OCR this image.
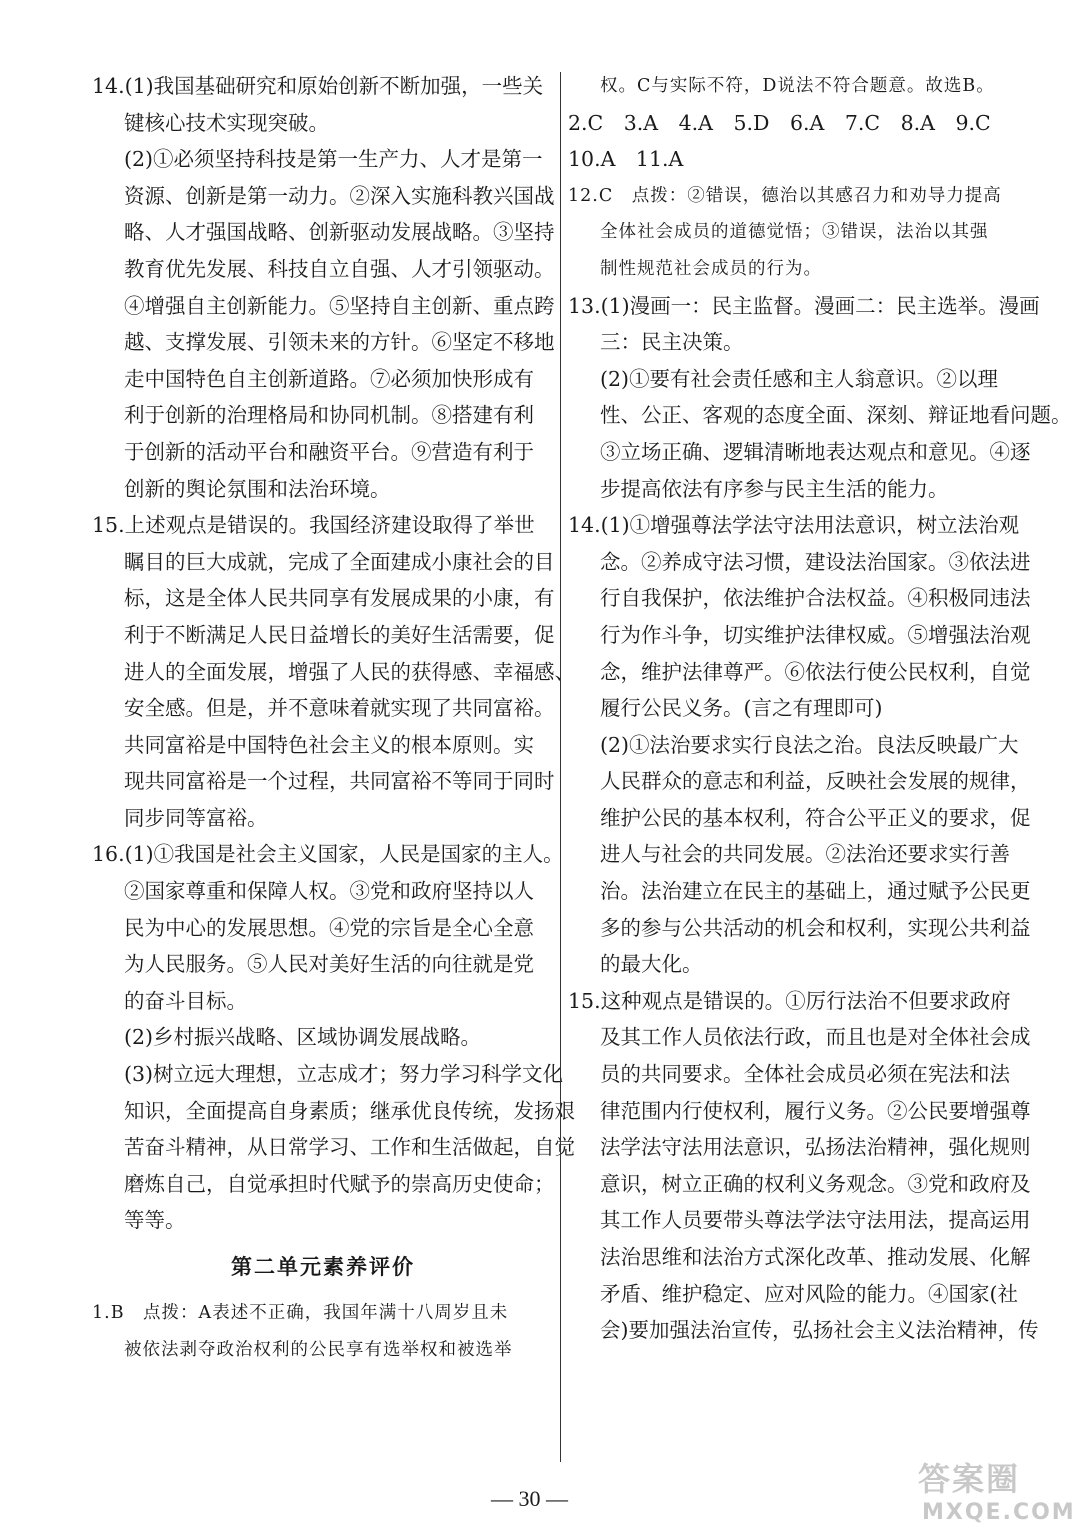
14.(1)我国基础研究和原始创新不断加强，一些关
键核心技术实现突破。
(2)①必须坚持科技是第一生产力、人才是第一
资源、创新是第一动力。②深入实施科教兴国战
略、人才强国战略、创新驱动发展战略。③坚持
教育优先发展、科技自立自强、人才引领驱动。
④增强自主创新能力。⑤坚持自主创新、重点跨
越、支撑发展、引领未来的方针。⑥坚定不移地
走中国特色自主创新道路。⑦必须加快形成有
利于创新的治理格局和协同机制。⑧搭建有利
于创新的活动平台和融资平台。⑨营造有利于
创新的舆论氛围和法治环境。
15.上述观点是错误的。我国经济建设取得了举世
瞩目的巨大成就，完成了全面建成小康社会的目
标，这是全体人民共同享有发展成果的小康，有
利于不断满足人民日益增长的美好生活需要，促
进人的全面发展，增强了人民的获得感、幸福感、
安全感。但是，并不意味着就实现了共同富裕。
共同富裕是中国特色社会主义的根本原则。实
现共同富裕是一个过程，共同富裕不等同于同时
同步同等富裕。
16.(1)①我国是社会主义国家，人民是国家的主人。
②国家尊重和保障人权。③党和政府坚持以人
民为中心的发展思想。④党的宗旨是全心全意
为人民服务。⑤人民对美好生活的向往就是党
的奋斗目标。
(2)乡村振兴战略、区域协调发展战略。
(3)树立远大理想，立志成才；努力学习科学文化
知识，全面提高自身素质；继承优良传统，发扬艰
苦奋斗精神，从日常学习、工作和生活做起，自觉
磨炼自己，自觉承担时代赋予的崇高历史使命；
等等。
第二单元素养评价
1.B　点拨：A表述不正确，我国年满十八周岁且未
被依法剥夺政治权利的公民享有选举权和被选举
权。C与实际不符，D说法不符合题意。故选B。
2.C　3.A　4.A　5.D　6.A　7.C　8.A　9.C
10.A　11.A
12.C　点拨：②错误，德治以其感召力和劝导力提高
全体社会成员的道德觉悟；③错误，法治以其强
制性规范社会成员的行为。
13.(1)漫画一：民主监督。漫画二：民主选举。漫画
三：民主决策。
(2)①要有社会责任感和主人翁意识。②以理
性、公正、客观的态度全面、深刻、辩证地看问题。
③立场正确、逻辑清晰地表达观点和意见。④逐
步提高依法有序参与民主生活的能力。
14.(1)①增强尊法学法守法用法意识，树立法治观
念。②养成守法习惯，建设法治国家。③依法进
行自我保护，依法维护合法权益。④积极同违法
行为作斗争，切实维护法律权威。⑤增强法治观
念，维护法律尊严。⑥依法行使公民权利，自觉
履行公民义务。(言之有理即可)
(2)①法治要求实行良法之治。良法反映最广大
人民群众的意志和利益，反映社会发展的规律，
维护公民的基本权利，符合公平正义的要求，促
进人与社会的共同发展。②法治还要求实行善
治。法治建立在民主的基础上，通过赋予公民更
多的参与公共活动的机会和权利，实现公共利益
的最大化。
15.这种观点是错误的。①厉行法治不但要求政府
及其工作人员依法行政，而且也是对全体社会成
员的共同要求。全体社会成员必须在宪法和法
律范围内行使权利，履行义务。②公民要增强尊
法学法守法用法意识，弘扬法治精神，强化规则
意识，树立正确的权利义务观念。③党和政府及
其工作人员要带头尊法学法守法用法，提高运用
法治思维和法治方式深化改革、推动发展、化解
矛盾、维护稳定、应对风险的能力。④国家(社
会)要加强法治宣传，弘扬社会主义法治精神，传
— 30 —
答案圈
MXQE.COM
